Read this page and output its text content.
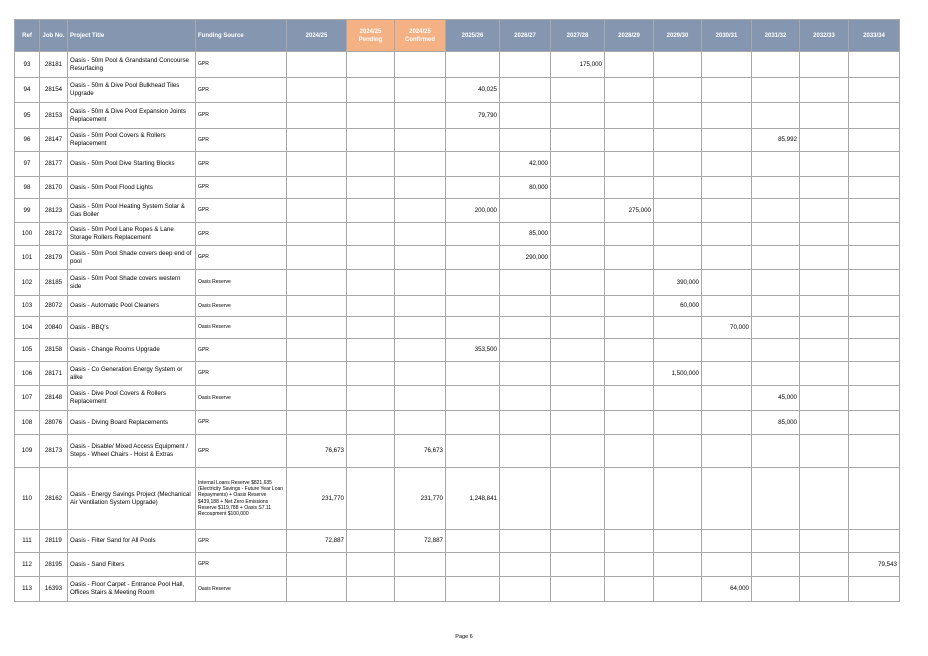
Ref	Job No.	Project Title	Funding Source	2024/25	2024/25 Pending	2024/25 Confirmed	2025/26	2026/27	2027/28	2028/29	2029/30	2030/31	2031/32	2032/33	2033/34
93	28181	Oasis - 50m Pool & Grandstand Concourse Resurfacing	GPR						175,000						
94	28154	Oasis - 50m & Dive Pool Bulkhead Tiles Upgrade	GPR				40,025								
95	28153	Oasis - 50m & Dive Pool Expansion Joints Replacement	GPR				79,790								
96	28147	Oasis - 50m Pool Covers & Rollers Replacement	GPR										85,992		
97	28177	Oasis - 50m Pool Dive Starting Blocks	GPR					42,000							
98	28170	Oasis - 50m Pool Flood Lights	GPR					80,000							
99	28123	Oasis - 50m Pool Heating System Solar & Gas Boiler	GPR				200,000			275,000					
100	28172	Oasis - 50m Pool Lane Ropes & Lane Storage Rollers Replacement	GPR					85,000							
101	28179	Oasis - 50m Pool Shade covers deep end of pool	GPR					290,000							
102	28185	Oasis - 50m Pool Shade covers western side	Oasis Reserve								390,000				
103	28072	Oasis - Automatic Pool Cleaners	Oasis Reserve								60,000				
104	20840	Oasis - BBQ's	Oasis Reserve									70,000			
105	28158	Oasis - Change Rooms Upgrade	GPR				353,500								
106	28171	Oasis - Co Generation Energy System or alike	GPR								1,500,000				
107	28148	Oasis - Dive Pool Covers & Rollers Replacement	Oasis Reserve										45,000		
108	28076	Oasis - Diving Board Replacements	GPR										85,000		
109	28173	Oasis - Disable/ Mixed Access Equipment / Steps - Wheel Chairs - Hoist & Extras	GPR	76,673		76,673									
110	28162	Oasis - Energy Savings Project (Mechanical Air Ventilation System Upgrade)	Internal Loans Reserve $821,635 (Electricity Savings - Future Year Loan Repayments) + Oasis Reserve $439,188 + Net Zero Emissions Reserve $119,788 + Oasis S7.11 Recoupment $100,000	231,770		231,770	1,248,841								
111	28119	Oasis - Filter Sand for All Pools	GPR	72,887		72,887									
112	28195	Oasis - Sand Filters	GPR												79,543
113	16393	Oasis - Floor Carpet - Entrance Pool Hall, Offices Stairs & Meeting Room	Oasis Reserve									64,000			
Page 6
